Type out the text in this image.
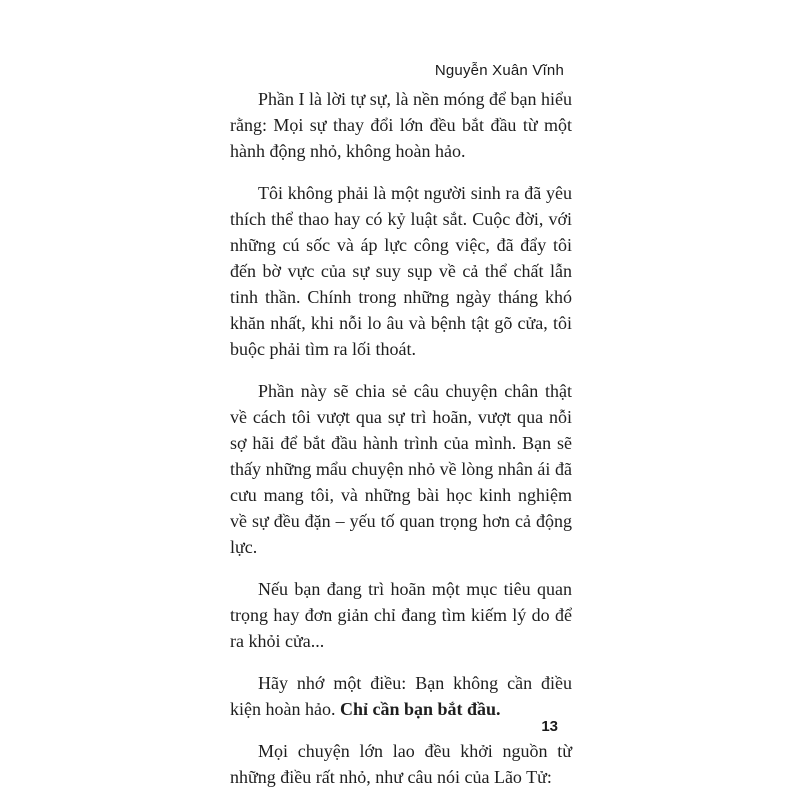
Nguyễn Xuân Vĩnh

Phần I là lời tự sự, là nền móng để bạn hiểu rằng: Mọi sự thay đổi lớn đều bắt đầu từ một hành động nhỏ, không hoàn hảo.

Tôi không phải là một người sinh ra đã yêu thích thể thao hay có kỷ luật sắt. Cuộc đời, với những cú sốc và áp lực công việc, đã đẩy tôi đến bờ vực của sự suy sụp về cả thể chất lẫn tinh thần. Chính trong những ngày tháng khó khăn nhất, khi nỗi lo âu và bệnh tật gõ cửa, tôi buộc phải tìm ra lối thoát.

Phần này sẽ chia sẻ câu chuyện chân thật về cách tôi vượt qua sự trì hoãn, vượt qua nỗi sợ hãi để bắt đầu hành trình của mình. Bạn sẽ thấy những mẩu chuyện nhỏ về lòng nhân ái đã cưu mang tôi, và những bài học kinh nghiệm về sự đều đặn – yếu tố quan trọng hơn cả động lực.

Nếu bạn đang trì hoãn một mục tiêu quan trọng hay đơn giản chỉ đang tìm kiếm lý do để ra khỏi cửa...

Hãy nhớ một điều: Bạn không cần điều kiện hoàn hảo. Chỉ cần bạn bắt đầu.

Mọi chuyện lớn lao đều khởi nguồn từ những điều rất nhỏ, như câu nói của Lão Tử:

13
